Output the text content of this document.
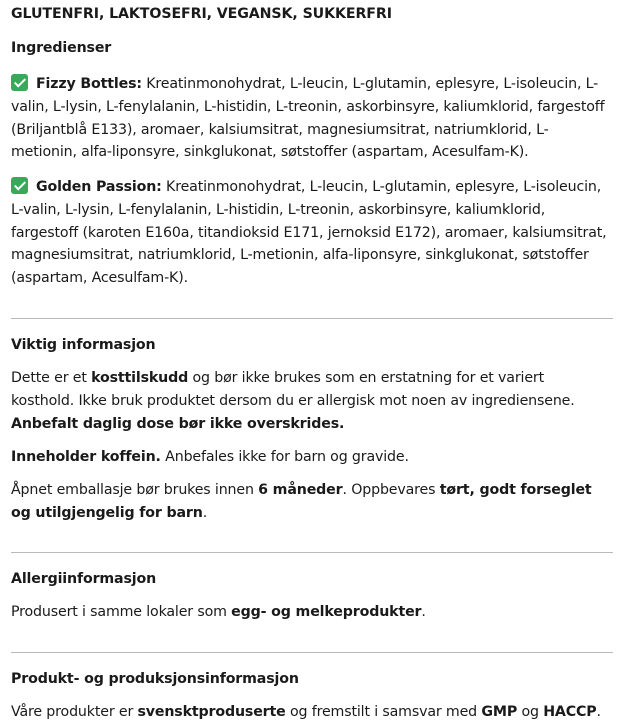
GLUTENFRI, LAKTOSEFRI, VEGANSK, SUKKERFRI
Ingredienser

Fizzy Bottles: Kreatinmonohydrat, L-leucin, L-glutamin, eplesyre, L-isoleucin, L-valin, L-lysin, L-fenylalanin, L-histidin, L-treonin, askorbinsyre, kaliumklorid, fargestoff (Briljantblå E133), aromaer, kalsiumsitrat, magnesiumsitrat, natriumklorid, L-metionin, alfa-liponsyre, sinkglukonat, søtstoffer (aspartam, Acesulfam-K).

Golden Passion: Kreatinmonohydrat, L-leucin, L-glutamin, eplesyre, L-isoleucin, L-valin, L-lysin, L-fenylalanin, L-histidin, L-treonin, askorbinsyre, kaliumklorid, fargestoff (karoten E160a, titandioksid E171, jernoksid E172), aromaer, kalsiumsitrat, magnesiumsitrat, natriumklorid, L-metionin, alfa-liponsyre, sinkglukonat, søtstoffer (aspartam, Acesulfam-K).

Viktig informasjon

Dette er et kosttilskudd og bør ikke brukes som en erstatning for et variert kosthold. Ikke bruk produktet dersom du er allergisk mot noen av ingrediensene. Anbefalt daglig dose bør ikke overskrides.

Inneholder koffein. Anbefales ikke for barn og gravide.

Åpnet emballasje bør brukes innen 6 måneder. Oppbevares tørt, godt forseglet og utilgjengelig for barn.

Allergiinformasjon

Produsert i samme lokaler som egg- og melkeprodukter.

Produkt- og produksjonsinformasjon

Våre produkter er svensktproduserte og fremstilt i samsvar med GMP og HACCP.
